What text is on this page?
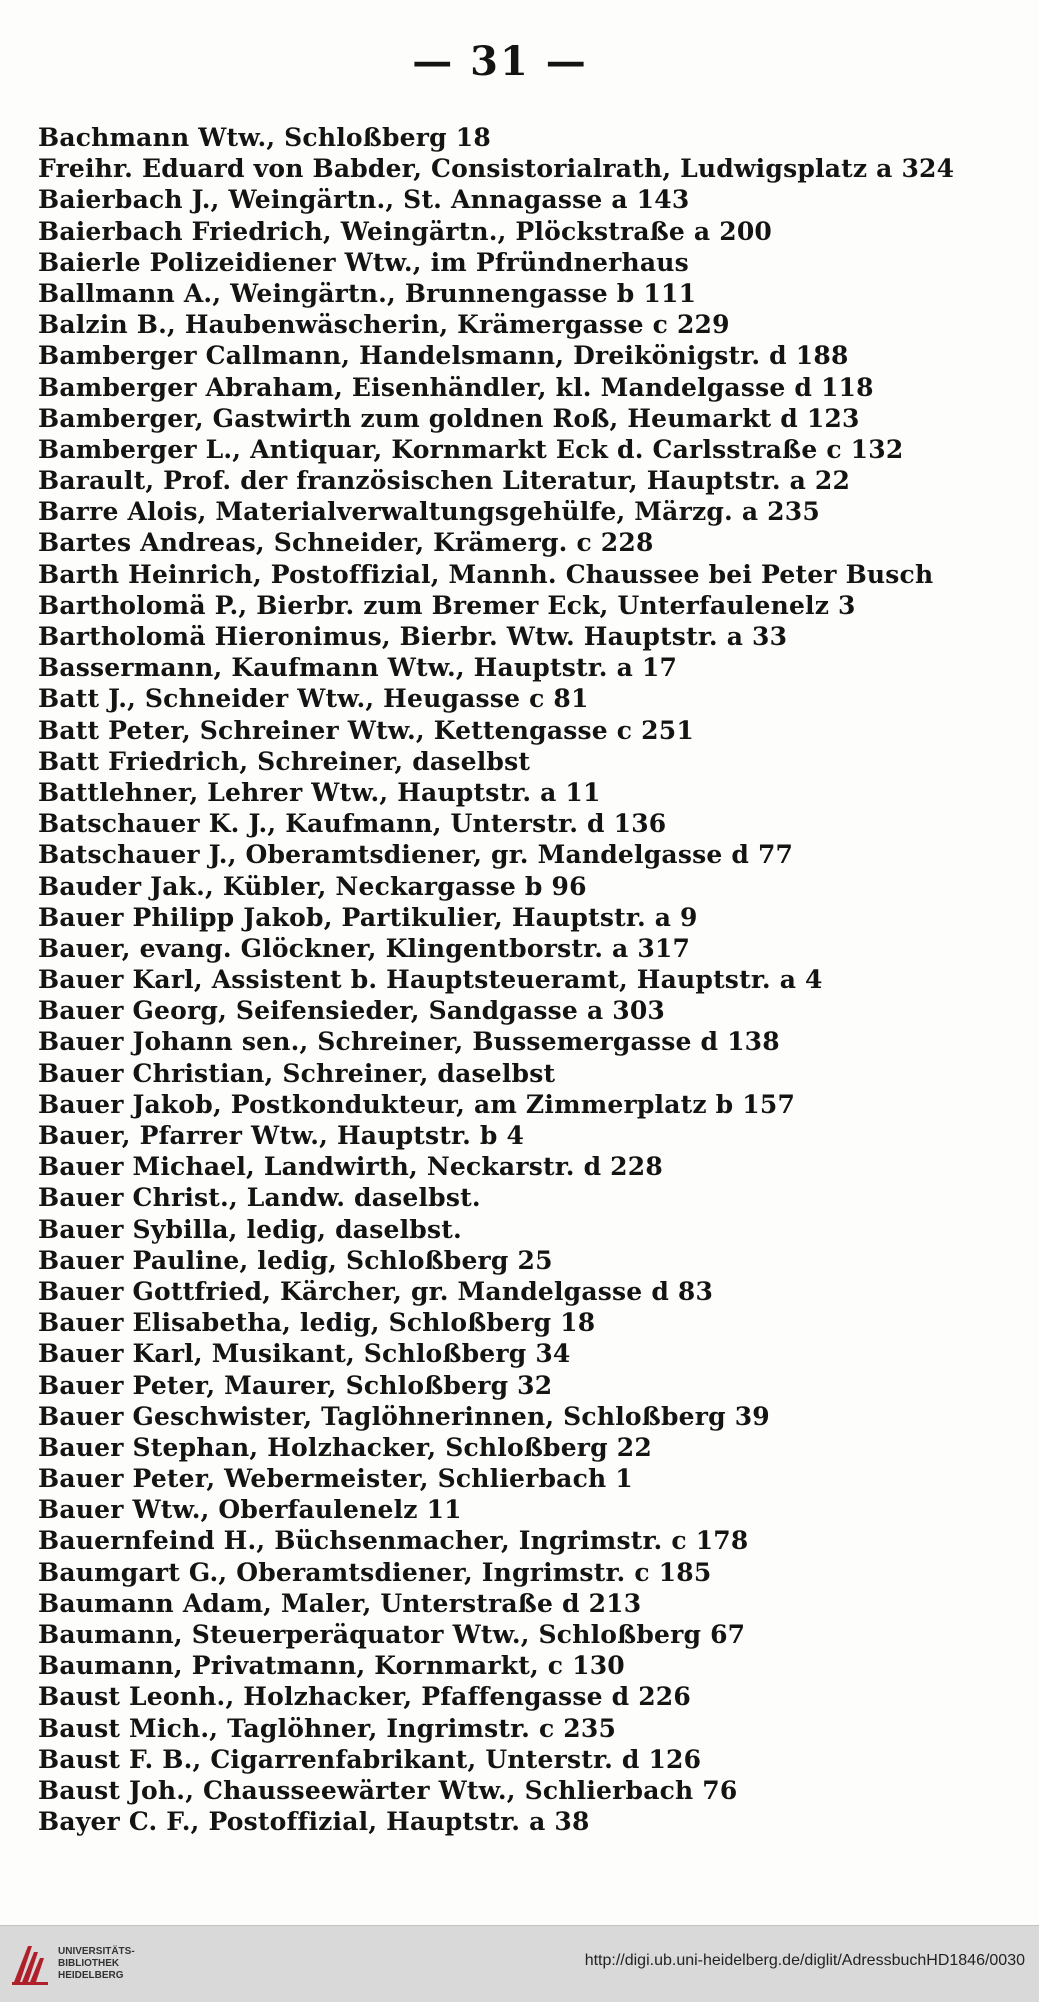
— 31 —
Bachmann Wtw., Schloßberg 18
Freihr. Eduard von Babder, Consistorialrath, Ludwigsplatz a 324
Baierbach J., Weingärtn., St. Annagasse a 143
Baierbach Friedrich, Weingärtn., Plöckstraße a 200
Baierle Polizeidiener Wtw., im Pfründnerhaus
Ballmann A., Weingärtn., Brunnengasse b 111
Balzin B., Haubenwäscherin, Krämergasse c 229
Bamberger Callmann, Handelsmann, Dreikönigstr. d 188
Bamberger Abraham, Eisenhändler, kl. Mandelgasse d 118
Bamberger, Gastwirth zum goldnen Roß, Heumarkt d 123
Bamberger L., Antiquar, Kornmarkt Eck d. Carlsstraße c 132
Barault, Prof. der französischen Literatur, Hauptstr. a 22
Barre Alois, Materialverwaltungsgehülfe, Märzg. a 235
Bartes Andreas, Schneider, Krämerg. c 228
Barth Heinrich, Postoffizial, Mannh. Chaussee bei Peter Busch
Bartholomä P., Bierbr. zum Bremer Eck, Unterfaulenelz 3
Bartholomä Hieronimus, Bierbr. Wtw. Hauptstr. a 33
Bassermann, Kaufmann Wtw., Hauptstr. a 17
Batt J., Schneider Wtw., Heugasse c 81
Batt Peter, Schreiner Wtw., Kettengasse c 251
Batt Friedrich, Schreiner, daselbst
Battlehner, Lehrer Wtw., Hauptstr. a 11
Batschauer K. J., Kaufmann, Unterstr. d 136
Batschauer J., Oberamtsdiener, gr. Mandelgasse d 77
Bauder Jak., Kübler, Neckargasse b 96
Bauer Philipp Jakob, Partikulier, Hauptstr. a 9
Bauer, evang. Glöckner, Klingentborstr. a 317
Bauer Karl, Assistent b. Hauptsteueramt, Hauptstr. a 4
Bauer Georg, Seifensieder, Sandgasse a 303
Bauer Johann sen., Schreiner, Bussemergasse d 138
Bauer Christian, Schreiner, daselbst
Bauer Jakob, Postkondukteur, am Zimmerplatz b 157
Bauer, Pfarrer Wtw., Hauptstr. b 4
Bauer Michael, Landwirth, Neckarstr. d 228
Bauer Christ., Landw. daselbst.
Bauer Sybilla, ledig, daselbst.
Bauer Pauline, ledig, Schloßberg 25
Bauer Gottfried, Kärcher, gr. Mandelgasse d 83
Bauer Elisabetha, ledig, Schloßberg 18
Bauer Karl, Musikant, Schloßberg 34
Bauer Peter, Maurer, Schloßberg 32
Bauer Geschwister, Taglöhnerinnen, Schloßberg 39
Bauer Stephan, Holzhacker, Schloßberg 22
Bauer Peter, Webermeister, Schlierbach 1
Bauer Wtw., Oberfaulenelz 11
Bauernfeind H., Büchsenmacher, Ingrimstr. c 178
Baumgart G., Oberamtsdiener, Ingrimstr. c 185
Baumann Adam, Maler, Unterstraße d 213
Baumann, Steuerperäquator Wtw., Schloßberg 67
Baumann, Privatmann, Kornmarkt, c 130
Baust Leonh., Holzhacker, Pfaffengasse d 226
Baust Mich., Taglöhner, Ingrimstr. c 235
Baust F. B., Cigarrenfabrikant, Unterstr. d 126
Baust Joh., Chausseewärter Wtw., Schlierbach 76
Bayer C. F., Postoffizial, Hauptstr. a 38
UNIVERSITÄTS-
BIBLIOTHEK
HEIDELBERG
http://digi.ub.uni-heidelberg.de/diglit/AdressbuchHD1846/0030
